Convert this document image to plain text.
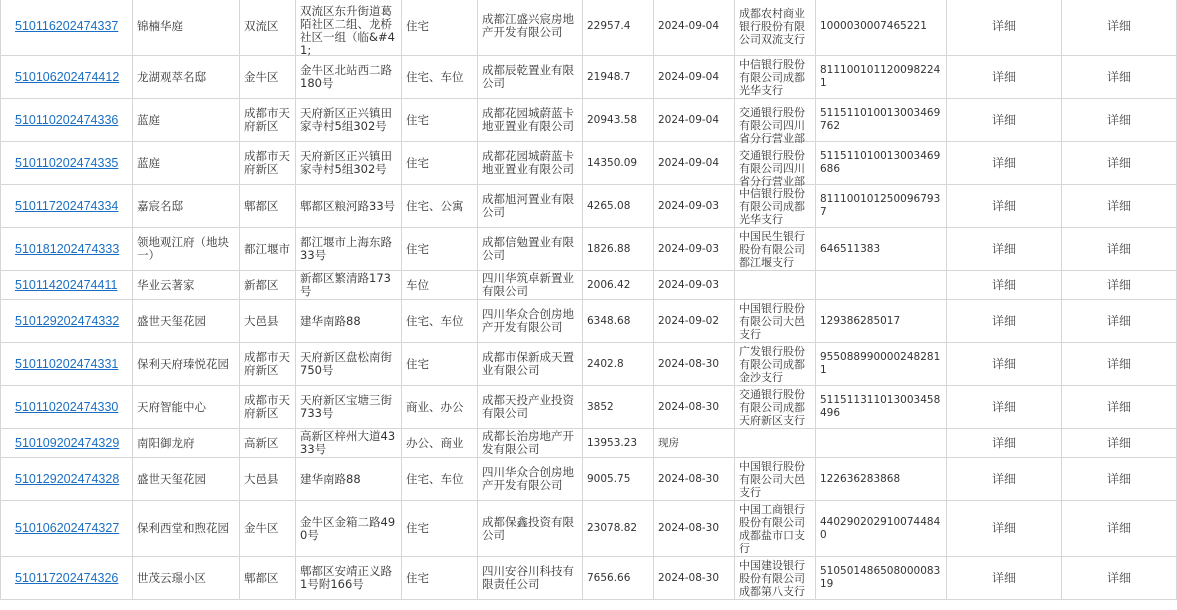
510116202474337	锦楠华庭	双流区	双流区东升街道葛陌社区二组、龙桥社区一组（临&#41;	住宅	成都江盛兴宸房地产开发有限公司	22957.4	2024-09-04	成都农村商业银行股份有限公司双流支行	1000030007465221	详细	详细
510106202474412	龙湖观萃名邸	金牛区	金牛区北站西二路180号	住宅、车位	成都辰乾置业有限公司	21948.7	2024-09-04	中信银行股份有限公司成都光华支行	8111001011200982241	详细	详细
510110202474336	蓝庭	成都市天府新区	天府新区正兴镇田家寺村5组302号	住宅	成都花园城蔚蓝卡地亚置业有限公司	20943.58	2024-09-04	交通银行股份有限公司四川省分行营业部	511511010013003469762	详细	详细
510110202474335	蓝庭	成都市天府新区	天府新区正兴镇田家寺村5组302号	住宅	成都花园城蔚蓝卡地亚置业有限公司	14350.09	2024-09-04	交通银行股份有限公司四川省分行营业部	511511010013003469686	详细	详细
510117202474334	嘉宸名邸	郫都区	郫都区粮河路33号	住宅、公寓	成都旭河置业有限公司	4265.08	2024-09-03	中信银行股份有限公司成都光华支行	8111001012500967937	详细	详细
510181202474333	领地观江府（地块一）	都江堰市	都江堰市上海东路33号	住宅	成都信勉置业有限公司	1826.88	2024-09-03	中国民生银行股份有限公司都江堰支行	646511383	详细	详细
510114202474411	华业云著家	新都区	新都区繁清路173号	车位	四川华筑卓新置业有限公司	2006.42	2024-09-03			详细	详细
510129202474332	盛世天玺花园	大邑县	建华南路88	住宅、车位	四川华众合创房地产开发有限公司	6348.68	2024-09-02	中国银行股份有限公司大邑支行	129386285017	详细	详细
510110202474331	保利天府瑧悦花园	成都市天府新区	天府新区盘松南街750号	住宅	成都市保新成天置业有限公司	2402.8	2024-08-30	广发银行股份有限公司成都金沙支行	9550889900002482811	详细	详细
510110202474330	天府智能中心	成都市天府新区	天府新区宝塘三街733号	商业、办公	成都天投产业投资有限公司	3852	2024-08-30	交通银行股份有限公司成都天府新区支行	511511311013003458496	详细	详细
510109202474329	南阳御龙府	高新区	高新区梓州大道4333号	办公、商业	成都长治房地产开发有限公司	13953.23	现房			详细	详细
510129202474328	盛世天玺花园	大邑县	建华南路88	住宅、车位	四川华众合创房地产开发有限公司	9005.75	2024-08-30	中国银行股份有限公司大邑支行	122636283868	详细	详细
510106202474327	保利西堂和煦花园	金牛区	金牛区金箱二路490号	住宅	成都保鑫投资有限公司	23078.82	2024-08-30	中国工商银行股份有限公司成都盐市口支行	4402902029100744840	详细	详细
510117202474326	世茂云璟小区	郫都区	郫都区安靖正义路1号附166号	住宅	四川安谷川科技有限责任公司	7656.66	2024-08-30	中国建设银行股份有限公司成都第八支行	51050148650800008319	详细	详细
